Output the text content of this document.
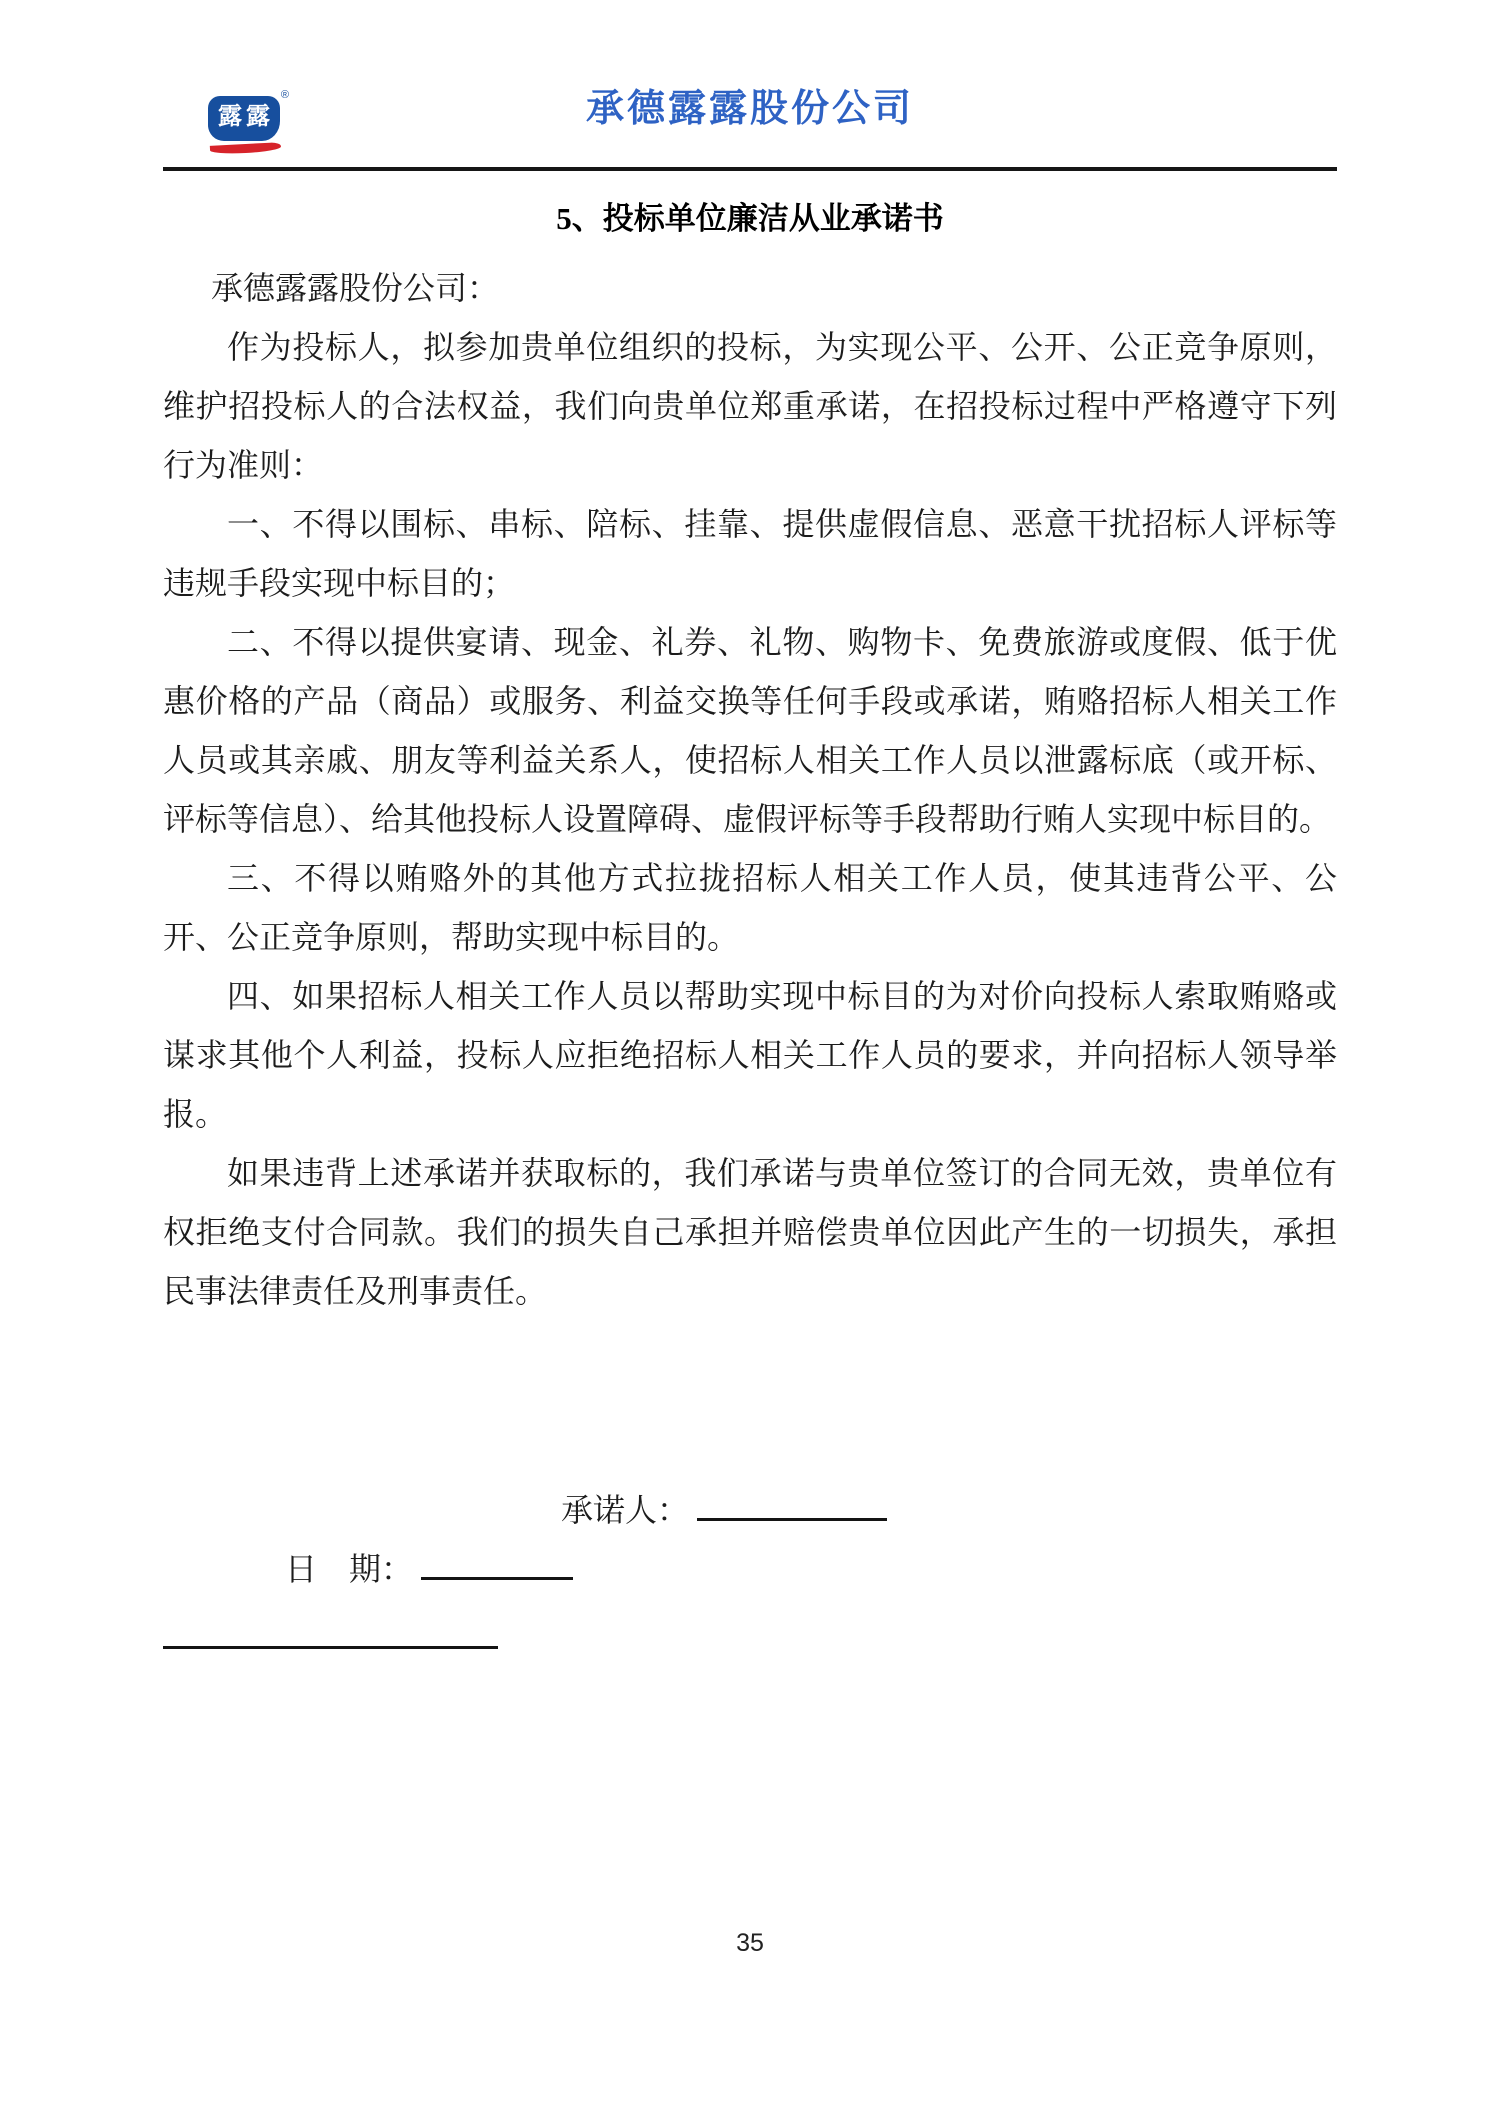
露露
®	承德露露股份公司
5、投标单位廉洁从业承诺书

承德露露股份公司：

作为投标人，拟参加贵单位组织的投标，为实现公平、公开、公正竞争原则，维护招投标人的合法权益，我们向贵单位郑重承诺，在招投标过程中严格遵守下列行为准则：

一、不得以围标、串标、陪标、挂靠、提供虚假信息、恶意干扰招标人评标等违规手段实现中标目的；

二、不得以提供宴请、现金、礼券、礼物、购物卡、免费旅游或度假、低于优惠价格的产品（商品）或服务、利益交换等任何手段或承诺，贿赂招标人相关工作人员或其亲戚、朋友等利益关系人，使招标人相关工作人员以泄露标底（或开标、评标等信息）、给其他投标人设置障碍、虚假评标等手段帮助行贿人实现中标目的。

三、不得以贿赂外的其他方式拉拢招标人相关工作人员，使其违背公平、公开、公正竞争原则，帮助实现中标目的。

四、如果招标人相关工作人员以帮助实现中标目的为对价向投标人索取贿赂或谋求其他个人利益，投标人应拒绝招标人相关工作人员的要求，并向招标人领导举报。

如果违背上述承诺并获取标的，我们承诺与贵单位签订的合同无效，贵单位有权拒绝支付合同款。我们的损失自己承担并赔偿贵单位因此产生的一切损失，承担民事法律责任及刑事责任。

承诺人：
日　期：
35
